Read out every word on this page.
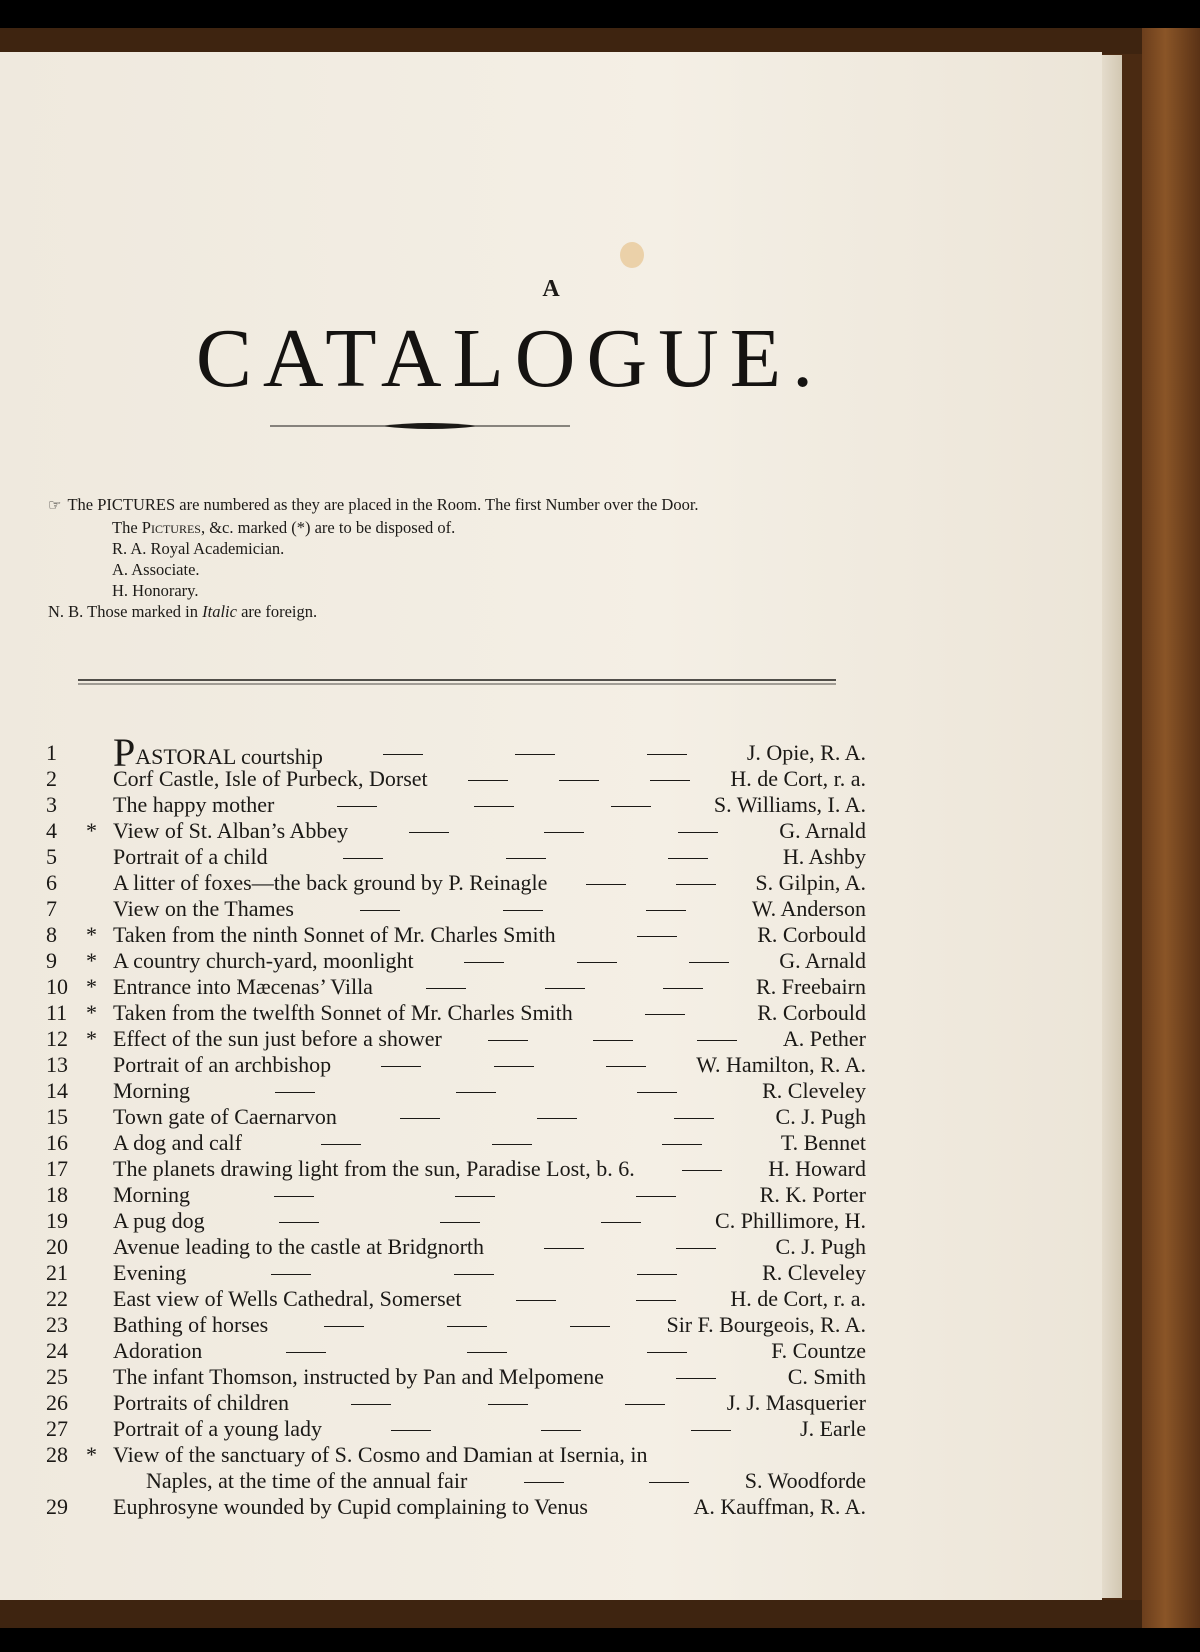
A
CATALOGUE.

☞ The PICTURES are numbered as they are placed in the Room. The first Number over the Door.

The Pictures, &c. marked (*) are to be disposed of.

R. A. Royal Academician.

A. Associate.

H. Honorary.

N. B. Those marked in Italic are foreign.

1	PASTORAL courtship	J. Opie, R. A.
2	Corf Castle, Isle of Purbeck, Dorset	H. de Cort, r. a.
3	The happy mother	S. Williams, I. A.
4	* View of St. Alban’s Abbey	G. Arnald
5	Portrait of a child	H. Ashby
6	A litter of foxes—the back ground by P. Reinagle	S. Gilpin, A.
7	View on the Thames	W. Anderson
8	* Taken from the ninth Sonnet of Mr. Charles Smith	R. Corbould
9	* A country church-yard, moonlight	G. Arnald
10 * Entrance into Mæcenas’ Villa	R. Freebairn
11 * Taken from the twelfth Sonnet of Mr. Charles Smith	R. Corbould
12 * Effect of the sun just before a shower	A. Pether
13	Portrait of an archbishop	W. Hamilton, R. A.
14	Morning	R. Cleveley
15	Town gate of Caernarvon	C. J. Pugh
16	A dog and calf	T. Bennet
17	The planets drawing light from the sun, Paradise Lost, b. 6.	H. Howard
18	Morning	R. K. Porter
19	A pug dog	C. Phillimore, H.
20	Avenue leading to the castle at Bridgnorth	C. J. Pugh
21	Evening	R. Cleveley
22	East view of Wells Cathedral, Somerset	H. de Cort, r. a.
23	Bathing of horses	Sir F. Bourgeois, R. A.
24	Adoration	F. Countze
25	The infant Thomson, instructed by Pan and Melpomene	C. Smith
26	Portraits of children	J. J. Masquerier
27	Portrait of a young lady	J. Earle
28 * View of the sanctuary of S. Cosmo and Damian at Isernia, in
Naples, at the time of the annual fair	S. Woodforde
29	Euphrosyne wounded by Cupid complaining to Venus	A. Kauffman, R. A.
